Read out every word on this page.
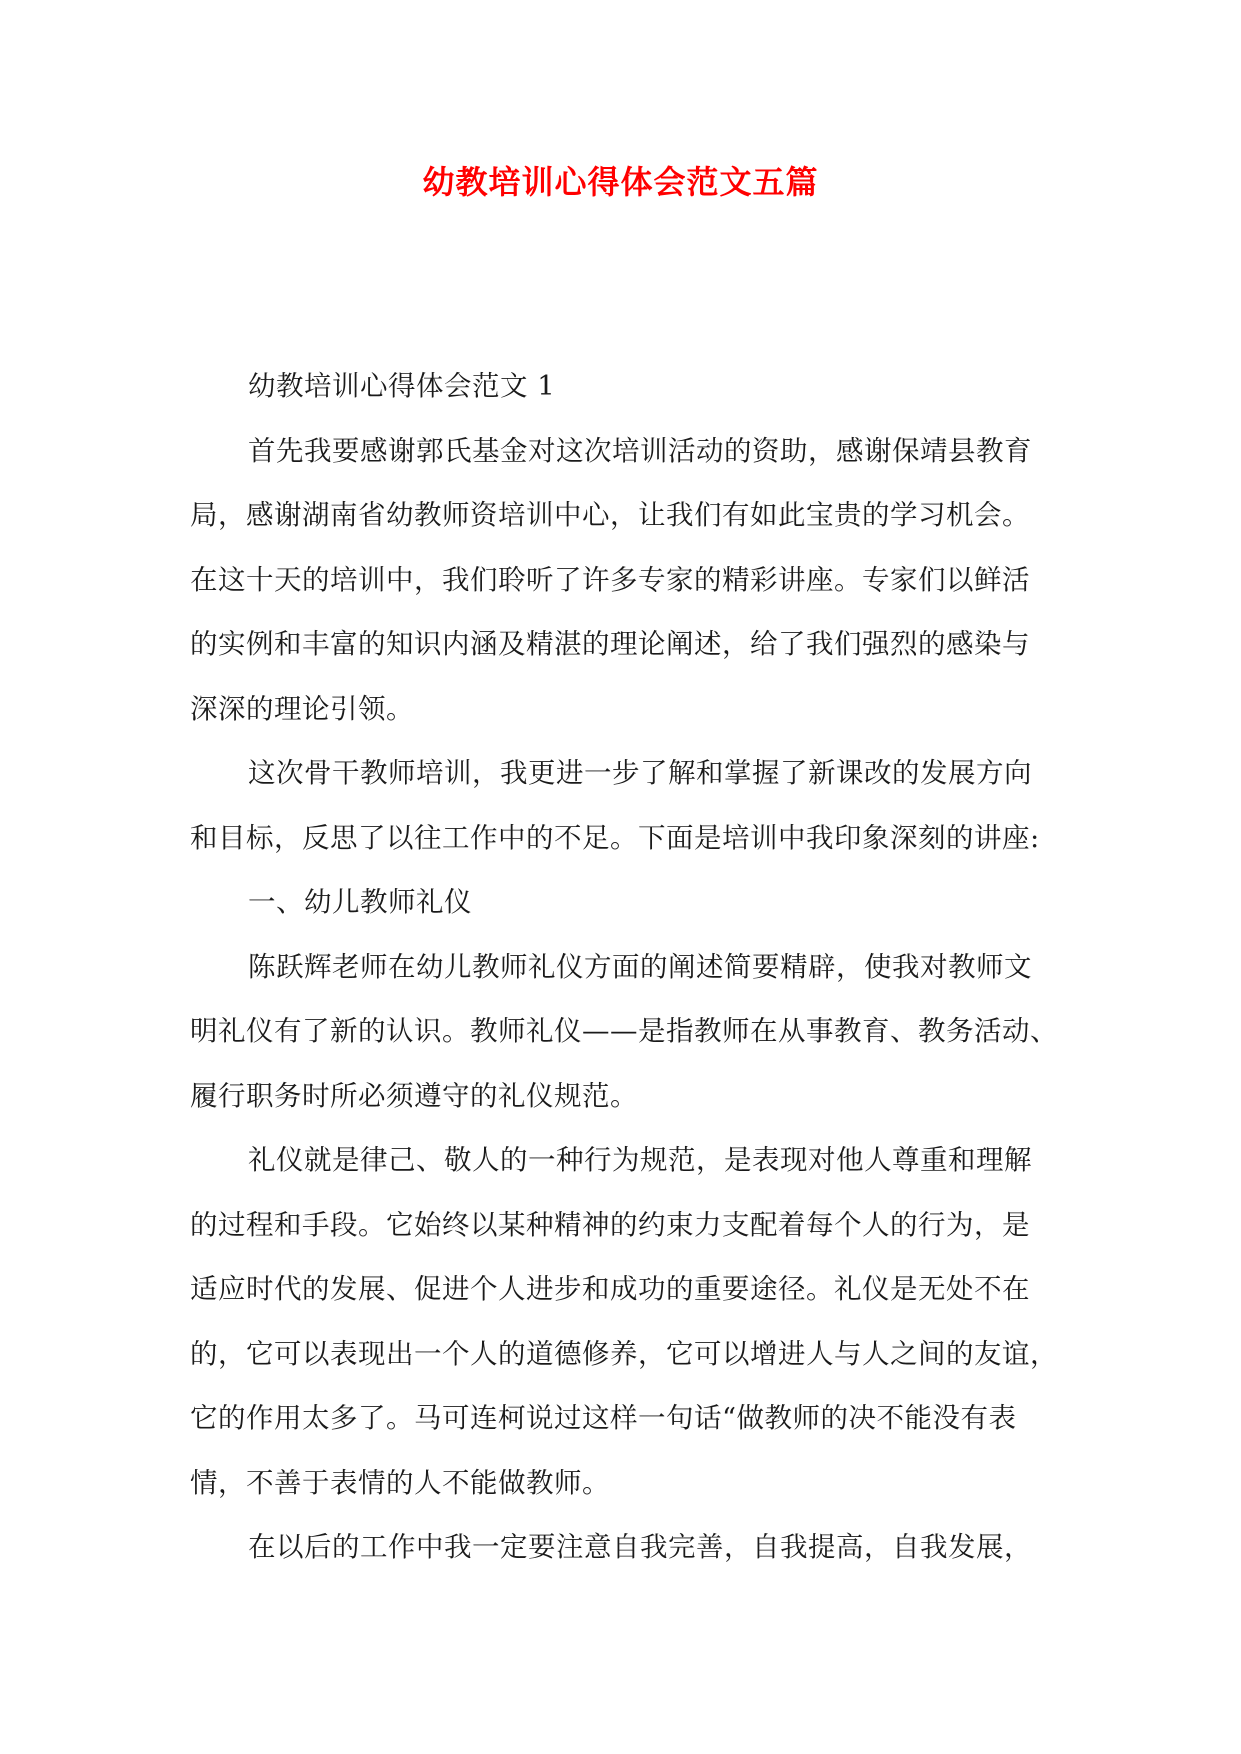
幼教培训心得体会范文五篇
幼教培训心得体会范文 1
首先我要感谢郭氏基金对这次培训活动的资助，感谢保靖县教育
局，感谢湖南省幼教师资培训中心，让我们有如此宝贵的学习机会。
在这十天的培训中，我们聆听了许多专家的精彩讲座。专家们以鲜活
的实例和丰富的知识内涵及精湛的理论阐述，给了我们强烈的感染与
深深的理论引领。
这次骨干教师培训，我更进一步了解和掌握了新课改的发展方向
和目标，反思了以往工作中的不足。下面是培训中我印象深刻的讲座:
一、幼儿教师礼仪
陈跃辉老师在幼儿教师礼仪方面的阐述简要精辟，使我对教师文
明礼仪有了新的认识。教师礼仪——是指教师在从事教育、教务活动、
履行职务时所必须遵守的礼仪规范。
礼仪就是律己、敬人的一种行为规范，是表现对他人尊重和理解
的过程和手段。它始终以某种精神的约束力支配着每个人的行为，是
适应时代的发展、促进个人进步和成功的重要途径。礼仪是无处不在
的，它可以表现出一个人的道德修养，它可以增进人与人之间的友谊，
它的作用太多了。马可连柯说过这样一句话“做教师的决不能没有表
情，不善于表情的人不能做教师。
在以后的工作中我一定要注意自我完善，自我提高，自我发展，
